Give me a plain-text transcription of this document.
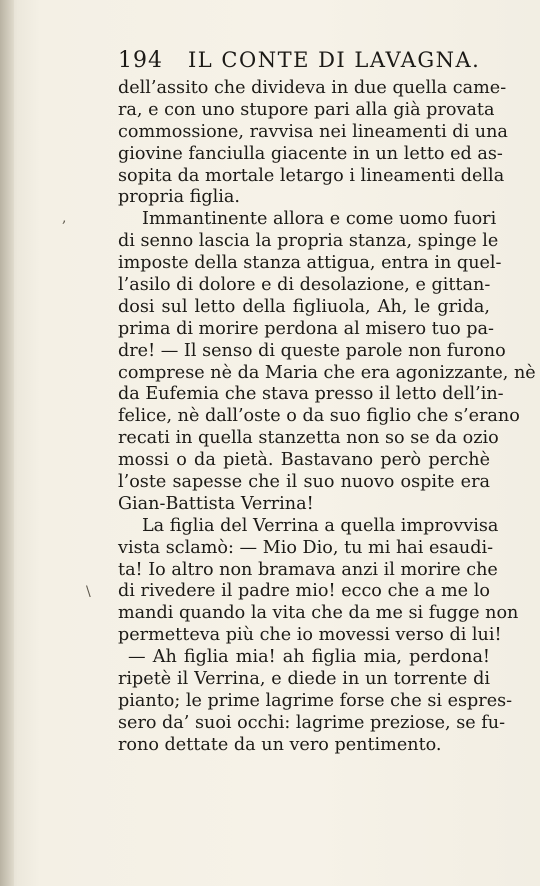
194 IL CONTE DI LAVAGNA.
,
\
dell’assito che divideva in due quella came-
ra, e con uno stupore pari alla già provata
commossione, ravvisa nei lineamenti di una
giovine fanciulla giacente in un letto ed as-
sopita da mortale letargo i lineamenti della
propria figlia.
Immantinente allora e come uomo fuori
di senno lascia la propria stanza, spinge le
imposte della stanza attigua, entra in quel-
l’asilo di dolore e di desolazione, e gittan-
dosi sul letto della figliuola, Ah, le grida,
prima di morire perdona al misero tuo pa-
dre! — Il senso di queste parole non furono
comprese nè da Maria che era agonizzante, nè
da Eufemia che stava presso il letto dell’in-
felice, nè dall’oste o da suo figlio che s’erano
recati in quella stanzetta non so se da ozio
mossi o da pietà. Bastavano però perchè
l’oste sapesse che il suo nuovo ospite era
Gian-Battista Verrina!
La figlia del Verrina a quella improvvisa
vista sclamò: — Mio Dio, tu mi hai esaudi-
ta! Io altro non bramava anzi il morire che
di rivedere il padre mio! ecco che a me lo
mandi quando la vita che da me si fugge non
permetteva più che io movessi verso di lui!
— Ah figlia mia! ah figlia mia, perdona!
ripetè il Verrina, e diede in un torrente di
pianto; le prime lagrime forse che si espres-
sero da’ suoi occhi: lagrime preziose, se fu-
rono dettate da un vero pentimento.
